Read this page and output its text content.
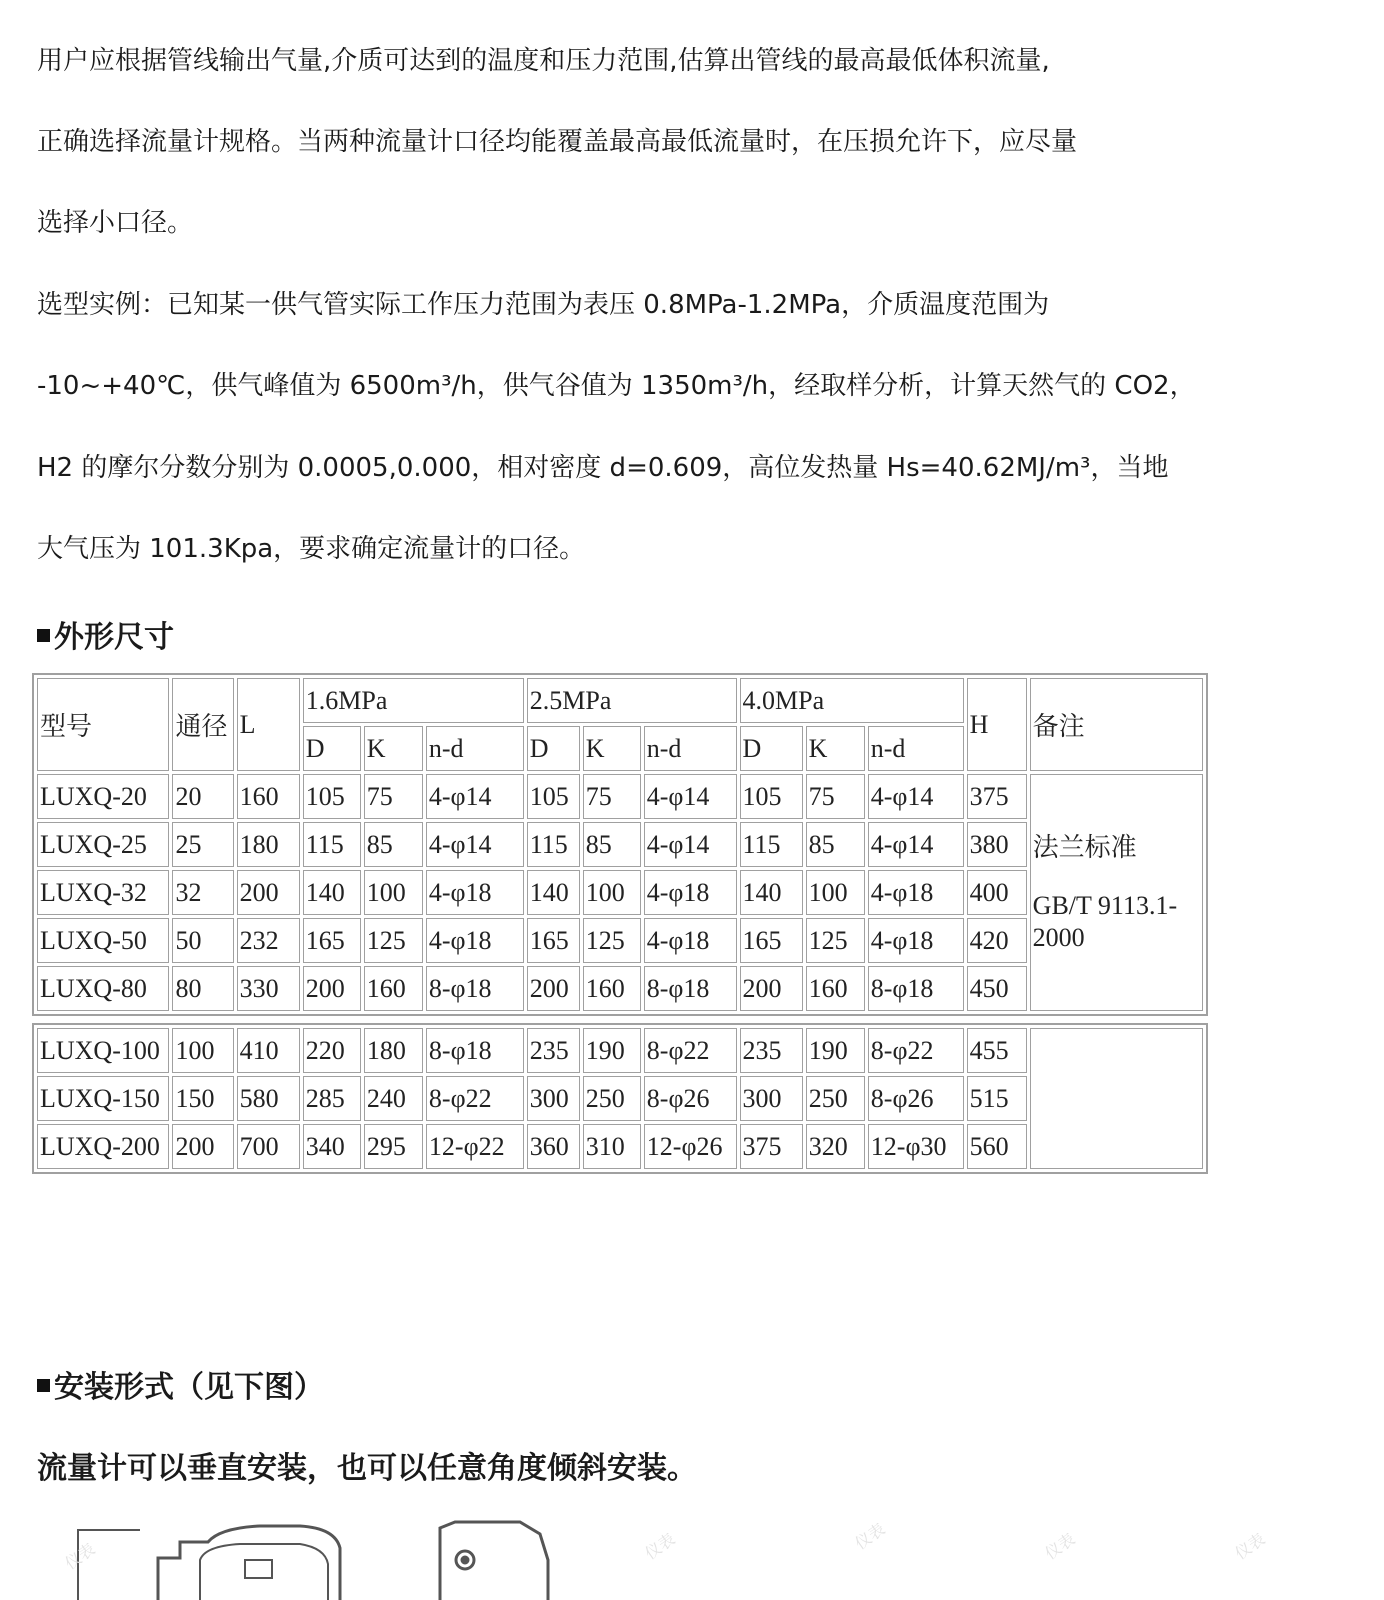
用户应根据管线输出气量,介质可达到的温度和压力范围,估算出管线的最高最低体积流量,
正确选择流量计规格。当两种流量计口径均能覆盖最高最低流量时，在压损允许下，应尽量
选择小口径。
选型实例：已知某一供气管实际工作压力范围为表压 0.8MPa-1.2MPa，介质温度范围为
-10~+40℃，供气峰值为 6500m³/h，供气谷值为 1350m³/h，经取样分析，计算天然气的 CO2，
H2 的摩尔分数分别为 0.0005,0.000，相对密度 d=0.609，高位发热量 Hs=40.62MJ/m³，当地
大气压为 101.3Kpa，要求确定流量计的口径。
外形尺寸
型号	通径	L	1.6MPa			2.5MPa			4.0MPa			H	备注
			D	K	n-d	D	K	n-d	D	K	n-d		
LUXQ-20	20	160	105	75	4-φ14	105	75	4-φ14	105	75	4-φ14	375	法兰标准
GB/T 9113.1-2000

LUXQ-25	25	180	115	85	4-φ14	115	85	4-φ14	115	85	4-φ14	380	
LUXQ-32	32	200	140	100	4-φ18	140	100	4-φ18	140	100	4-φ18	400	
LUXQ-50	50	232	165	125	4-φ18	165	125	4-φ18	165	125	4-φ18	420	
LUXQ-80	80	330	200	160	8-φ18	200	160	8-φ18	200	160	8-φ18	450	
LUXQ-100	100	410	220	180	8-φ18	235	190	8-φ22	235	190	8-φ22	455	
LUXQ-150	150	580	285	240	8-φ22	300	250	8-φ26	300	250	8-φ26	515	
LUXQ-200	200	700	340	295	12-φ22	360	310	12-φ26	375	320	12-φ30	560	
安装形式（见下图）
流量计可以垂直安装，也可以任意角度倾斜安装。
仪表	仪表	仪表	仪表	仪表
